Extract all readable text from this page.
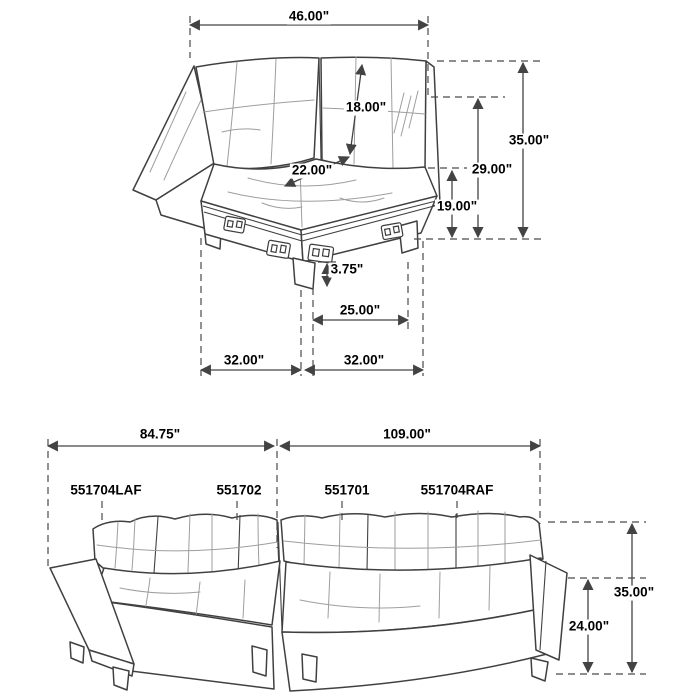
46.00"
18.00"
22.00"
35.00"
29.00"
19.00"
3.75"
25.00"
32.00"	32.00"
84.75"	109.00"
551704LAF	551702	551701	551704RAF
35.00"
24.00"
